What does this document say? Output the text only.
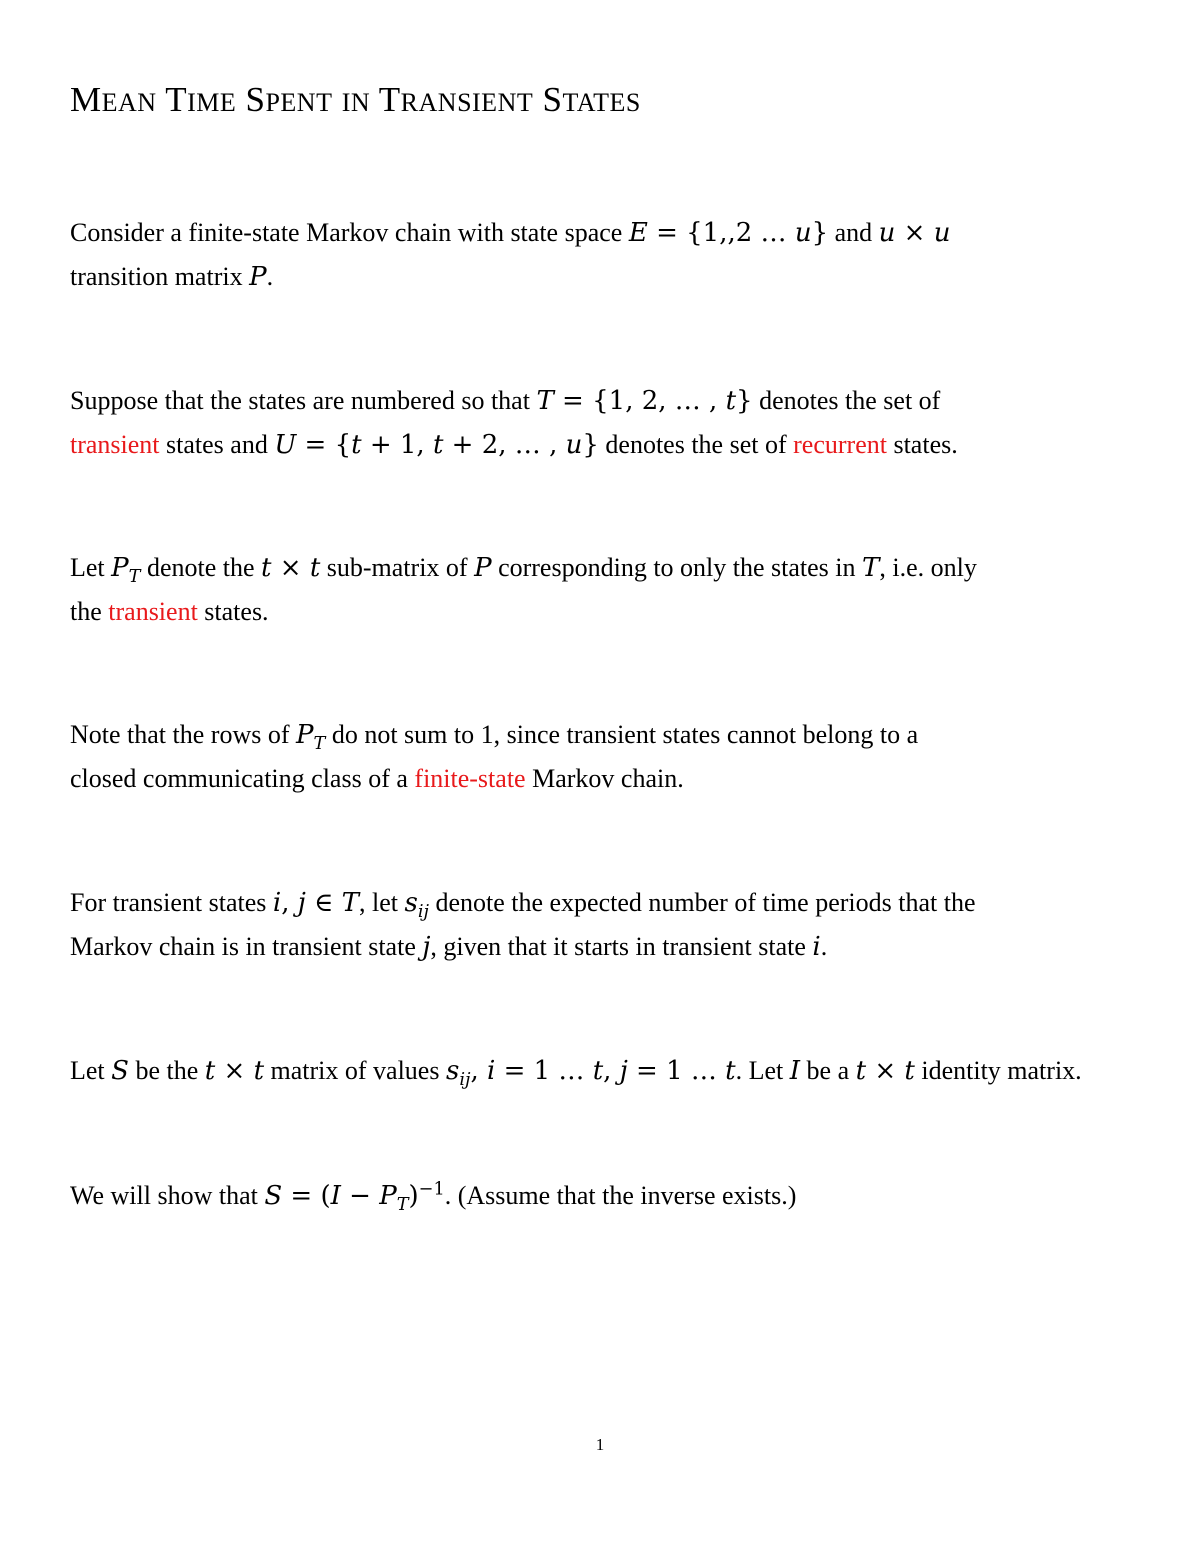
MEAN TIME SPENT IN TRANSIENT STATES

Consider a finite-state Markov chain with state space E = {1,,2 … u} and u × u
transition matrix P.

Suppose that the states are numbered so that T = {1, 2, … , t} denotes the set of
transient states and U = {t + 1, t + 2, … , u} denotes the set of recurrent states.

Let $P_T$ denote the t × t sub-matrix of P corresponding to only the states in T, i.e. only
the transient states.

Note that the rows of $P_T$ do not sum to 1, since transient states cannot belong to a
closed communicating class of a finite-state Markov chain.

For transient states i, j ∈ T, let $s_{ij}$ denote the expected number of time periods that the
Markov chain is in transient state j, given that it starts in transient state i.

Let S be the t × t matrix of values $s_{ij}$, i = 1 … t, j = 1 … t. Let I be a t × t identity matrix.

We will show that $S = (I - P_T)^{-1}$. (Assume that the inverse exists.)

1
